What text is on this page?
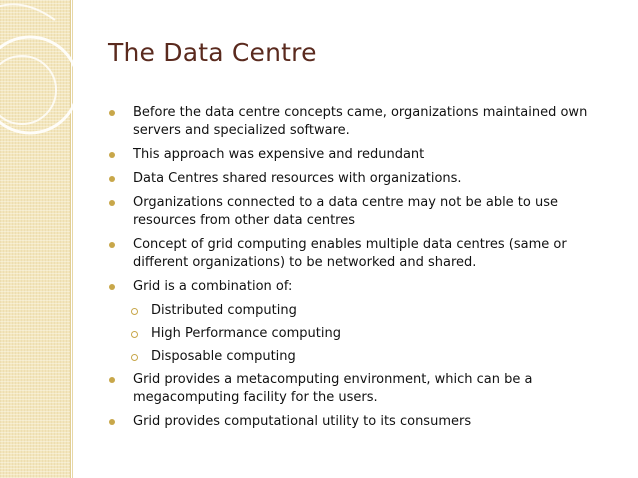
The Data Centre
Before the data centre concepts came, organizations maintained own servers and specialized software.
This approach was expensive and redundant
Data Centres shared resources with organizations.
Organizations connected to a data centre may not be able to use resources from other data centres
Concept of grid computing enables multiple data centres (same or different organizations) to be networked and shared.
Grid is a combination of:
Distributed computing
High Performance computing
Disposable computing
Grid provides a metacomputing environment, which can be a megacomputing facility for the users.
Grid provides computational utility to its consumers
